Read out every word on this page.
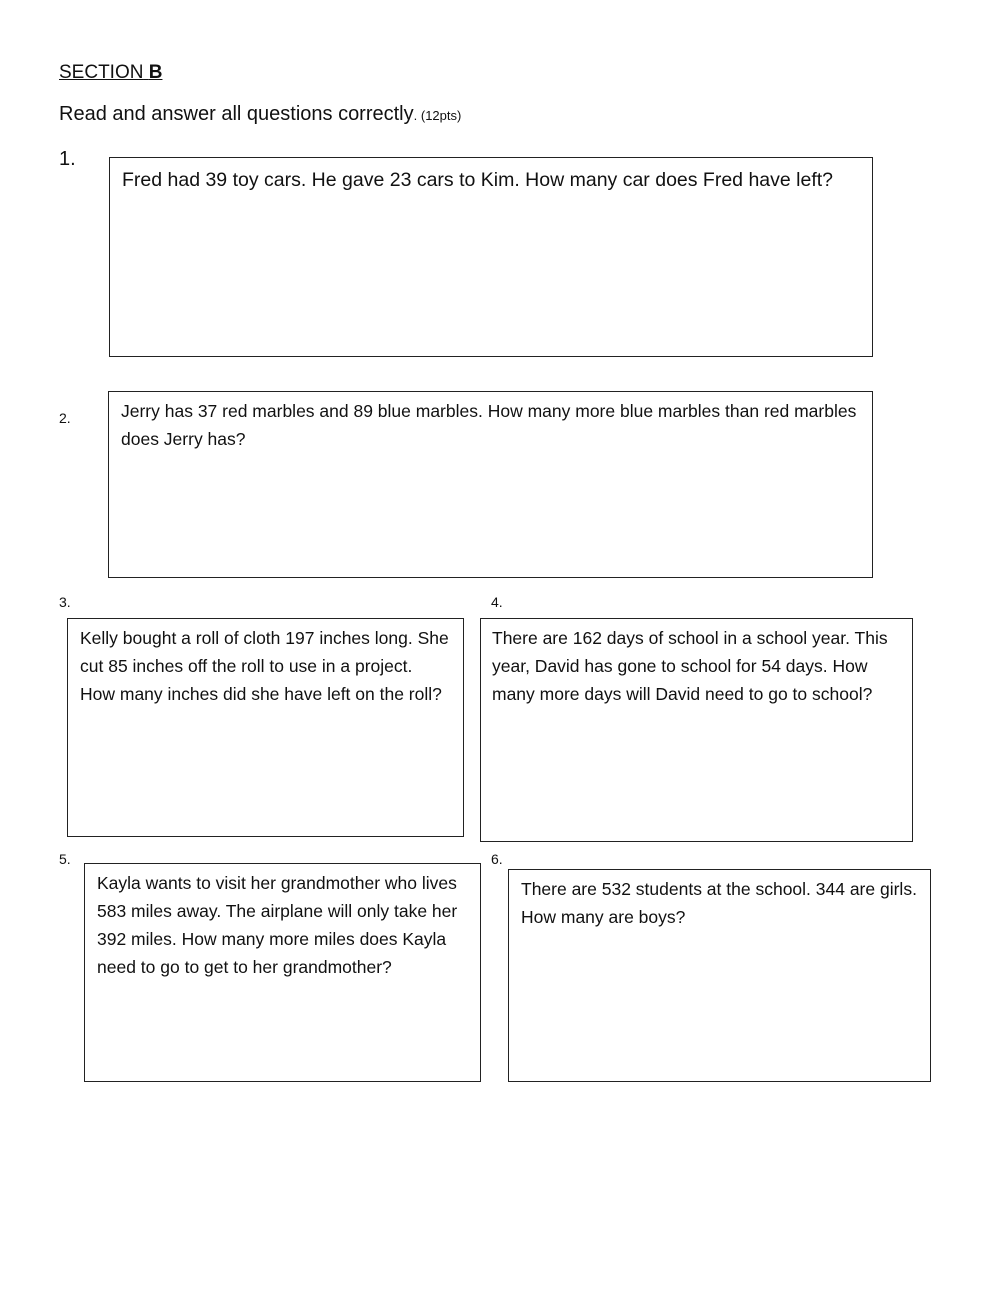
SECTION B
Read and answer all questions correctly. (12pts)
1.

Fred had 39 toy cars. He gave 23 cars to Kim. How many car does Fred have left?

2.	Jerry has 37 red marbles and 89 blue marbles. How many more blue marbles than red marbles does Jerry has?

3.

Kelly bought a roll of cloth 197 inches long. She cut 85 inches off the roll to use in a project. How many inches did she have left on the roll?

4.

There are 162 days of school in a school year. This year, David has gone to school for 54 days. How many more days will David need to go to school?

5.

Kayla wants to visit her grandmother who lives 583 miles away. The airplane will only take her 392 miles. How many more miles does Kayla need to go to get to her grandmother?

6.

There are 532 students at the school. 344 are girls. How many are boys?
